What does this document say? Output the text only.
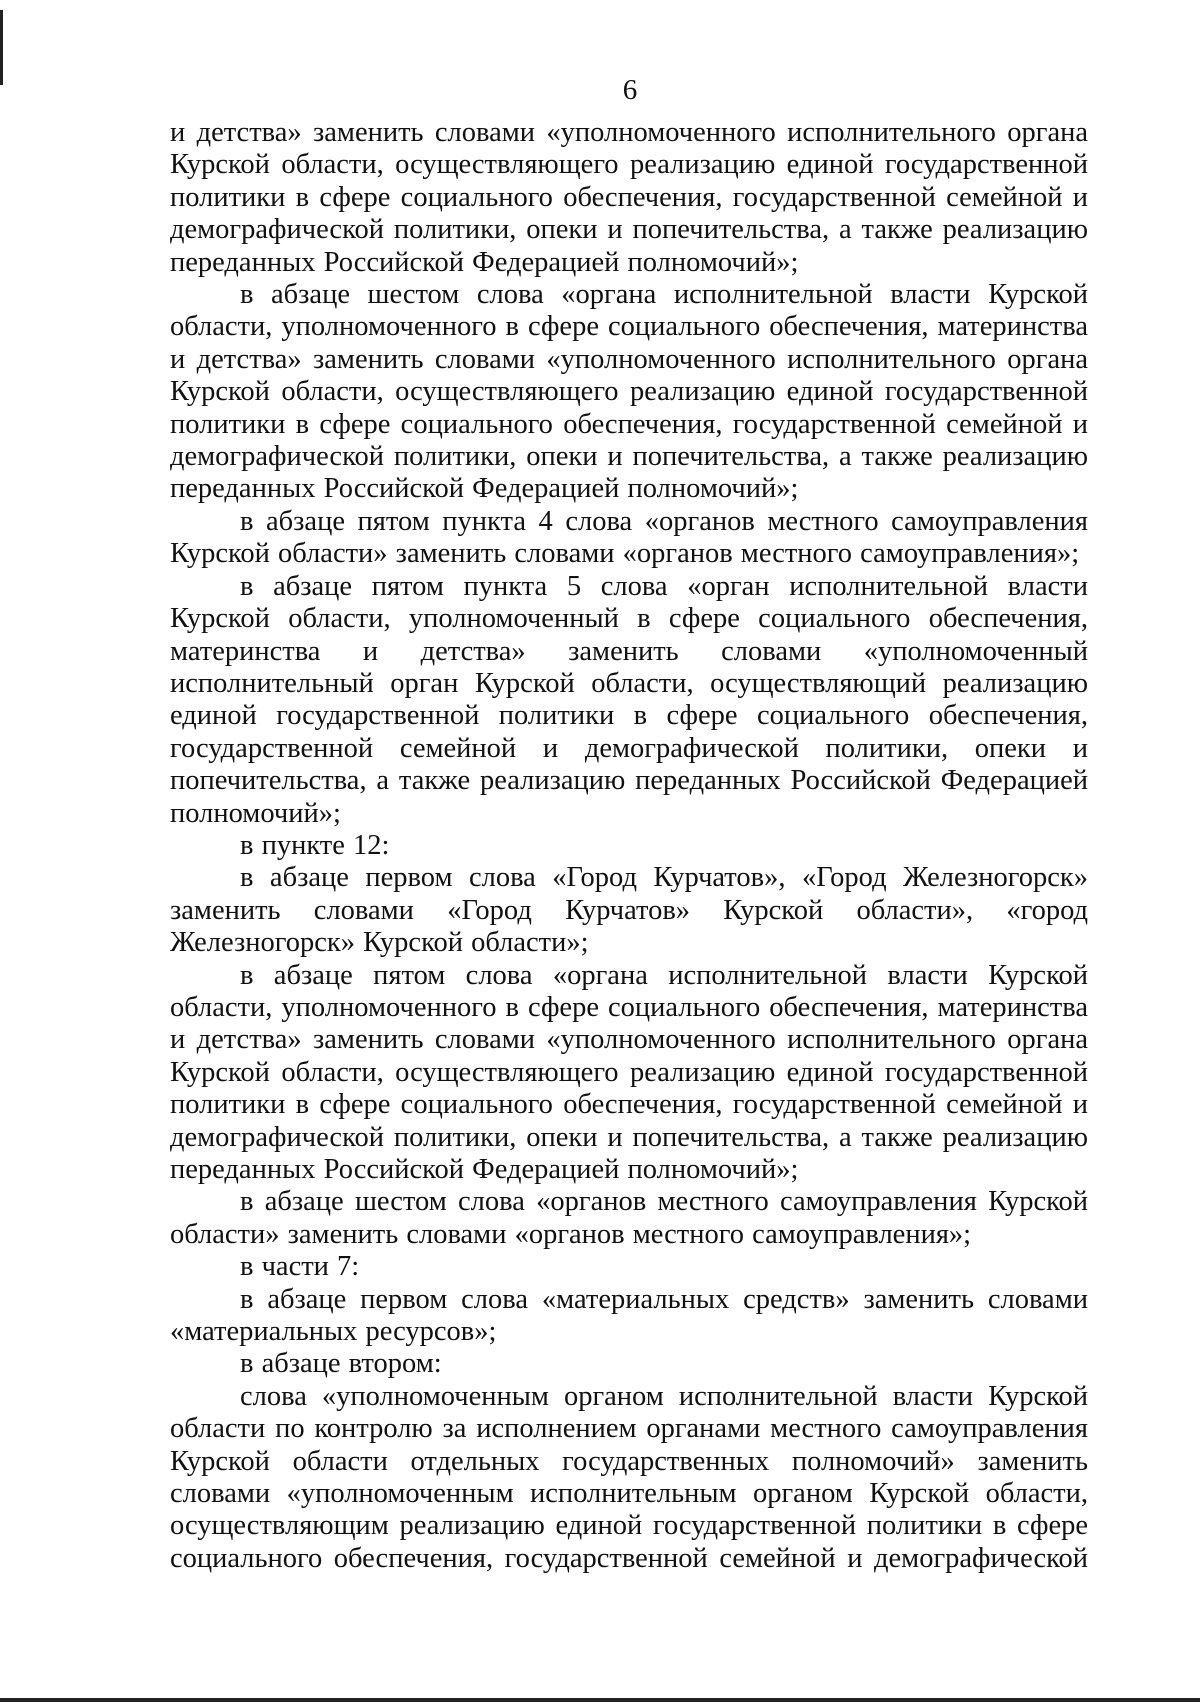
6

и детства» заменить словами «уполномоченного исполнительного органа Курской области, осуществляющего реализацию единой государственной политики в сфере социального обеспечения, государственной семейной и демографической политики, опеки и попечительства, а также реализацию переданных Российской Федерацией полномочий»;

в абзаце шестом слова «органа исполнительной власти Курской области, уполномоченного в сфере социального обеспечения, материнства и детства» заменить словами «уполномоченного исполнительного органа Курской области, осуществляющего реализацию единой государственной политики в сфере социального обеспечения, государственной семейной и демографической политики, опеки и попечительства, а также реализацию переданных Российской Федерацией полномочий»;

в абзаце пятом пункта 4 слова «органов местного самоуправления Курской области» заменить словами «органов местного самоуправления»;

в абзаце пятом пункта 5 слова «орган исполнительной власти Курской области, уполномоченный в сфере социального обеспечения, материнства и детства» заменить словами «уполномоченный исполнительный орган Курской области, осуществляющий реализацию единой государственной политики в сфере социального обеспечения, государственной семейной и демографической политики, опеки и попечительства, а также реализацию переданных Российской Федерацией полномочий»;

в пункте 12:

в абзаце первом слова «Город Курчатов», «Город Железногорск» заменить словами «Город Курчатов» Курской области», «город Железногорск» Курской области»;

в абзаце пятом слова «органа исполнительной власти Курской области, уполномоченного в сфере социального обеспечения, материнства и детства» заменить словами «уполномоченного исполнительного органа Курской области, осуществляющего реализацию единой государственной политики в сфере социального обеспечения, государственной семейной и демографической политики, опеки и попечительства, а также реализацию переданных Российской Федерацией полномочий»;

в абзаце шестом слова «органов местного самоуправления Курской области» заменить словами «органов местного самоуправления»;

в части 7:

в абзаце первом слова «материальных средств» заменить словами «материальных ресурсов»;

в абзаце втором:

слова «уполномоченным органом исполнительной власти Курской области по контролю за исполнением органами местного самоуправления Курской области отдельных государственных полномочий» заменить словами «уполномоченным исполнительным органом Курской области, осуществляющим реализацию единой государственной политики в сфере социального обеспечения, государственной семейной и демографической
